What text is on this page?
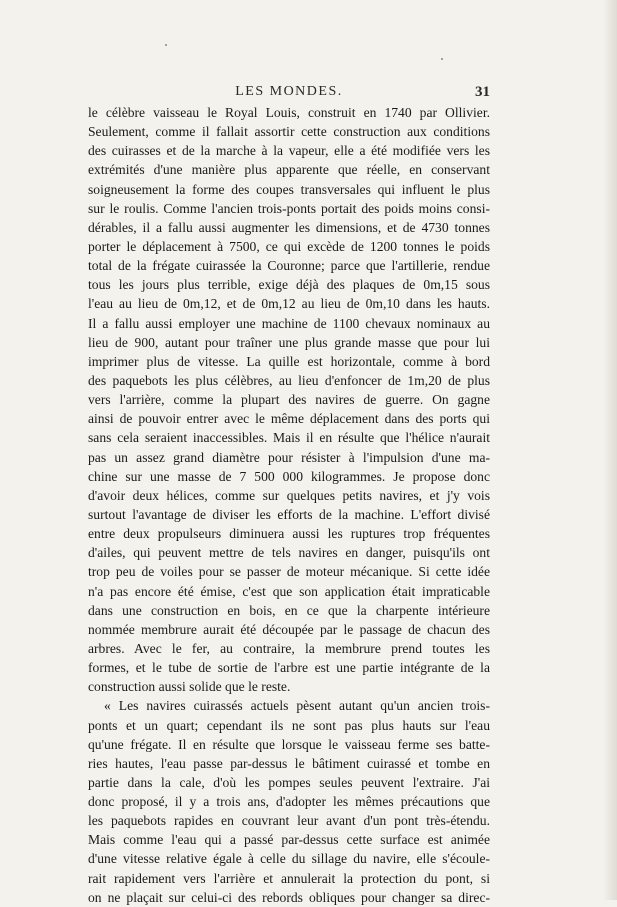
LES MONDES.	31
le célèbre vaisseau le Royal Louis, construit en 1740 par Ollivier.
Seulement, comme il fallait assortir cette construction aux conditions
des cuirasses et de la marche à la vapeur, elle a été modifiée vers les
extrémités d'une manière plus apparente que réelle, en conservant
soigneusement la forme des coupes transversales qui influent le plus
sur le roulis. Comme l'ancien trois-ponts portait des poids moins consi-
dérables, il a fallu aussi augmenter les dimensions, et de 4730 tonnes
porter le déplacement à 7500, ce qui excède de 1200 tonnes le poids
total de la frégate cuirassée la Couronne; parce que l'artillerie, rendue
tous les jours plus terrible, exige déjà des plaques de 0m,15 sous
l'eau au lieu de 0m,12, et de 0m,12 au lieu de 0m,10 dans les hauts.
Il a fallu aussi employer une machine de 1100 chevaux nominaux au
lieu de 900, autant pour traîner une plus grande masse que pour lui
imprimer plus de vitesse. La quille est horizontale, comme à bord
des paquebots les plus célèbres, au lieu d'enfoncer de 1m,20 de plus
vers l'arrière, comme la plupart des navires de guerre. On gagne
ainsi de pouvoir entrer avec le même déplacement dans des ports qui
sans cela seraient inaccessibles. Mais il en résulte que l'hélice n'aurait
pas un assez grand diamètre pour résister à l'impulsion d'une ma-
chine sur une masse de 7 500 000 kilogrammes. Je propose donc
d'avoir deux hélices, comme sur quelques petits navires, et j'y vois
surtout l'avantage de diviser les efforts de la machine. L'effort divisé
entre deux propulseurs diminuera aussi les ruptures trop fréquentes
d'ailes, qui peuvent mettre de tels navires en danger, puisqu'ils ont
trop peu de voiles pour se passer de moteur mécanique. Si cette idée
n'a pas encore été émise, c'est que son application était impraticable
dans une construction en bois, en ce que la charpente intérieure
nommée membrure aurait été découpée par le passage de chacun des
arbres. Avec le fer, au contraire, la membrure prend toutes les
formes, et le tube de sortie de l'arbre est une partie intégrante de la
construction aussi solide que le reste.
« Les navires cuirassés actuels pèsent autant qu'un ancien trois-
ponts et un quart; cependant ils ne sont pas plus hauts sur l'eau
qu'une frégate. Il en résulte que lorsque le vaisseau ferme ses batte-
ries hautes, l'eau passe par-dessus le bâtiment cuirassé et tombe en
partie dans la cale, d'où les pompes seules peuvent l'extraire. J'ai
donc proposé, il y a trois ans, d'adopter les mêmes précautions que
les paquebots rapides en couvrant leur avant d'un pont très-étendu.
Mais comme l'eau qui a passé par-dessus cette surface est animée
d'une vitesse relative égale à celle du sillage du navire, elle s'écoule-
rait rapidement vers l'arrière et annulerait la protection du pont, si
on ne plaçait sur celui-ci des rebords obliques pour changer sa direc-
